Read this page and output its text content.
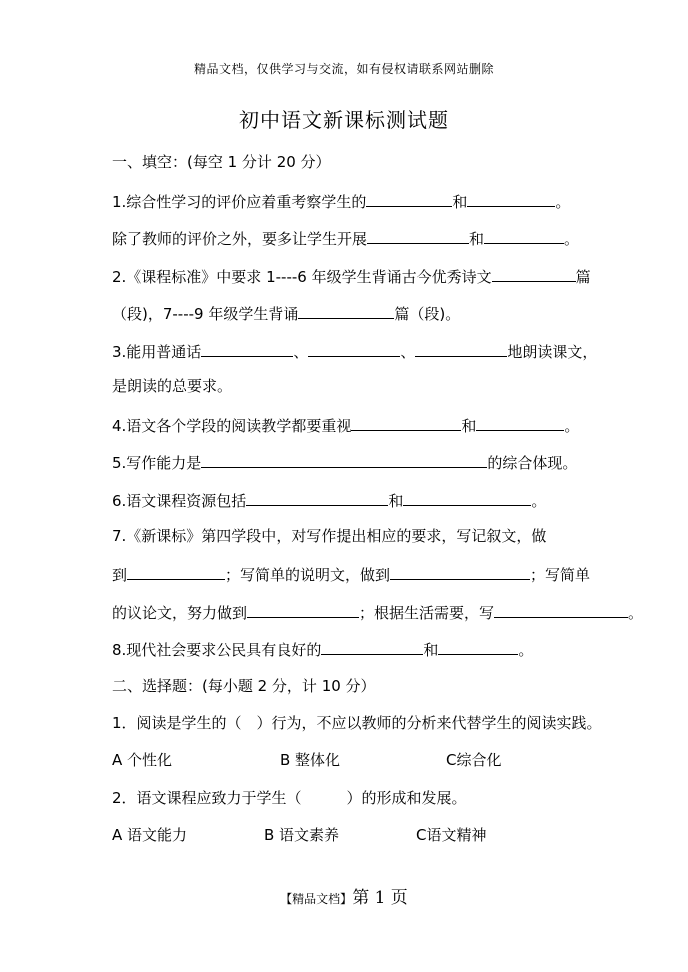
精品文档，仅供学习与交流，如有侵权请联系网站删除
初中语文新课标测试题
一、填空：(每空 1 分计 20 分）
1.综合性学习的评价应着重考察学生的	和	。
除了教师的评价之外，要多让学生开展	和	。
2.《课程标准》中要求 1----6 年级学生背诵古今优秀诗文	篇
（段)，7----9 年级学生背诵	篇（段)。
3.能用普通话	、	、	地朗读课文，
是朗读的总要求。
4.语文各个学段的阅读教学都要重视	和	。
5.写作能力是	的综合体现。
6.语文课程资源包括	和	。
7.《新课标》第四学段中，对写作提出相应的要求，写记叙文，做
到	；写简单的说明文，做到	；写简单
的议论文，努力做到	；根据生活需要，写	。
8.现代社会要求公民具有良好的	和	。
二、选择题：(每小题 2 分，计 10 分）
1．阅读是学生的（　）行为，不应以教师的分析来代替学生的阅读实践。
A 个性化	B 整体化	C综合化
2．语文课程应致力于学生（　　　）的形成和发展。
A 语文能力	B 语文素养	C语文精神
【精品文档】第 1 页
